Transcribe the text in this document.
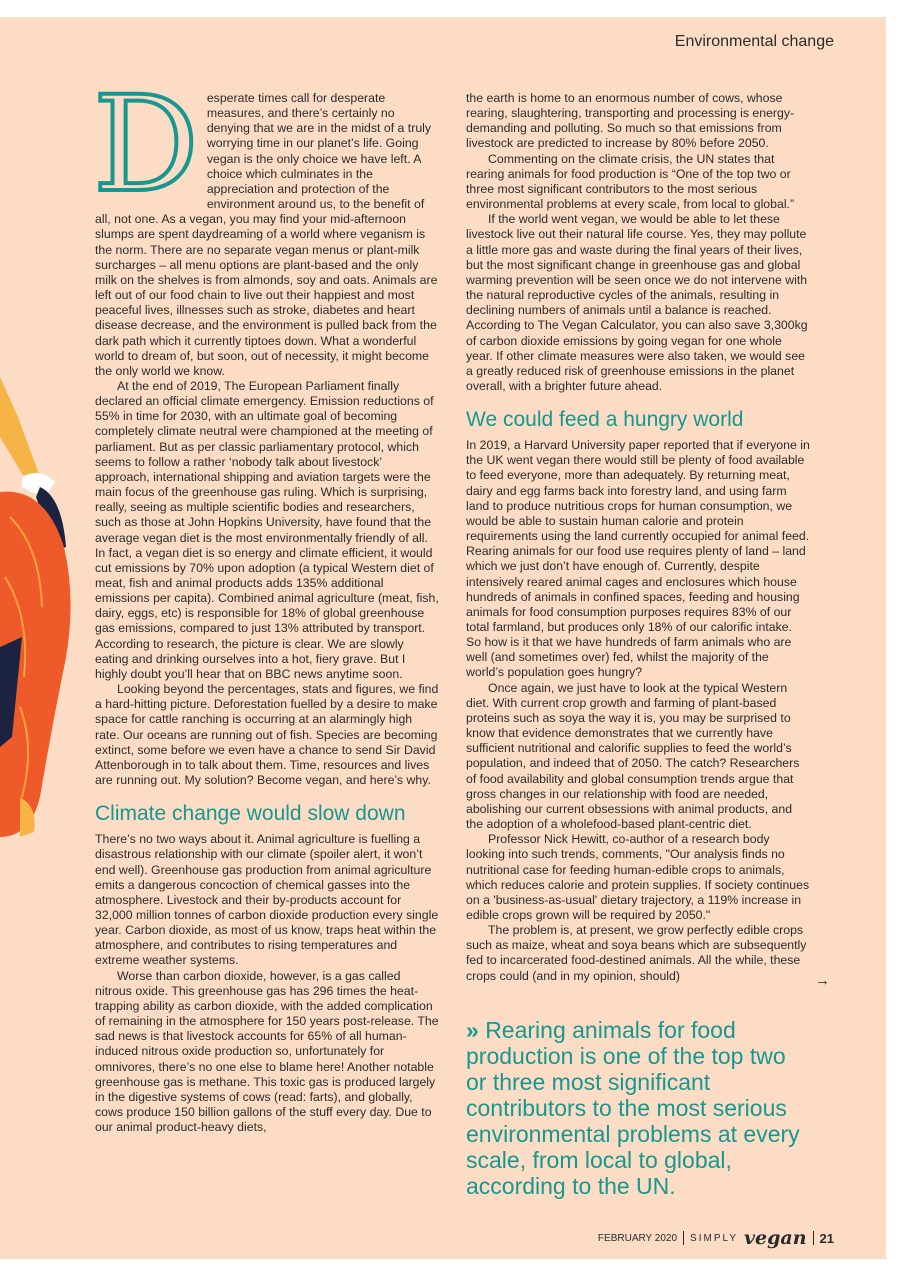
Environmental change
D esperate times call for desperate measures, and there’s certainly no denying that we are in the midst of a truly worrying time in our planet’s life. Going vegan is the only choice we have left. A choice which culminates in the appreciation and protection of the environment around us, to the benefit of all, not one. As a vegan, you may find your mid-afternoon slumps are spent daydreaming of a world where veganism is the norm. There are no separate vegan menus or plant-milk surcharges – all menu options are plant-based and the only milk on the shelves is from almonds, soy and oats. Animals are left out of our food chain to live out their happiest and most peaceful lives, illnesses such as stroke, diabetes and heart disease decrease, and the environment is pulled back from the dark path which it currently tiptoes down. What a wonderful world to dream of, but soon, out of necessity, it might become the only world we know.

At the end of 2019, The European Parliament finally declared an official climate emergency. Emission reductions of 55% in time for 2030, with an ultimate goal of becoming completely climate neutral were championed at the meeting of parliament. But as per classic parliamentary protocol, which seems to follow a rather ‘nobody talk about livestock’ approach, international shipping and aviation targets were the main focus of the greenhouse gas ruling. Which is surprising, really, seeing as multiple scientific bodies and researchers, such as those at John Hopkins University, have found that the average vegan diet is the most environmentally friendly of all. In fact, a vegan diet is so energy and climate efficient, it would cut emissions by 70% upon adoption (a typical Western diet of meat, fish and animal products adds 135% additional emissions per capita). Combined animal agriculture (meat, fish, dairy, eggs, etc) is responsible for 18% of global greenhouse gas emissions, compared to just 13% attributed by transport. According to research, the picture is clear. We are slowly eating and drinking ourselves into a hot, fiery grave. But I highly doubt you’ll hear that on BBC news anytime soon.

Looking beyond the percentages, stats and figures, we find a hard-hitting picture. Deforestation fuelled by a desire to make space for cattle ranching is occurring at an alarmingly high rate. Our oceans are running out of fish. Species are becoming extinct, some before we even have a chance to send Sir David Attenborough in to talk about them. Time, resources and lives are running out. My solution? Become vegan, and here’s why.

Climate change would slow down

There’s no two ways about it. Animal agriculture is fuelling a disastrous relationship with our climate (spoiler alert, it won’t end well). Greenhouse gas production from animal agriculture emits a dangerous concoction of chemical gasses into the atmosphere. Livestock and their by-products account for 32,000 million tonnes of carbon dioxide production every single year. Carbon dioxide, as most of us know, traps heat within the atmosphere, and contributes to rising temperatures and extreme weather systems.

Worse than carbon dioxide, however, is a gas called nitrous oxide. This greenhouse gas has 296 times the heat-trapping ability as carbon dioxide, with the added complication of remaining in the atmosphere for 150 years post-release. The sad news is that livestock accounts for 65% of all human-induced nitrous oxide production so, unfortunately for omnivores, there’s no one else to blame here! Another notable greenhouse gas is methane. This toxic gas is produced largely in the digestive systems of cows (read: farts), and globally, cows produce 150 billion gallons of the stuff every day. Due to our animal product-heavy diets,

the earth is home to an enormous number of cows, whose rearing, slaughtering, transporting and processing is energy-demanding and polluting. So much so that emissions from livestock are predicted to increase by 80% before 2050.

Commenting on the climate crisis, the UN states that rearing animals for food production is “One of the top two or three most significant contributors to the most serious environmental problems at every scale, from local to global.”

If the world went vegan, we would be able to let these livestock live out their natural life course. Yes, they may pollute a little more gas and waste during the final years of their lives, but the most significant change in greenhouse gas and global warming prevention will be seen once we do not intervene with the natural reproductive cycles of the animals, resulting in declining numbers of animals until a balance is reached. According to The Vegan Calculator, you can also save 3,300kg of carbon dioxide emissions by going vegan for one whole year. If other climate measures were also taken, we would see a greatly reduced risk of greenhouse emissions in the planet overall, with a brighter future ahead.

We could feed a hungry world

In 2019, a Harvard University paper reported that if everyone in the UK went vegan there would still be plenty of food available to feed everyone, more than adequately. By returning meat, dairy and egg farms back into forestry land, and using farm land to produce nutritious crops for human consumption, we would be able to sustain human calorie and protein requirements using the land currently occupied for animal feed. Rearing animals for our food use requires plenty of land – land which we just don’t have enough of. Currently, despite intensively reared animal cages and enclosures which house hundreds of animals in confined spaces, feeding and housing animals for food consumption purposes requires 83% of our total farmland, but produces only 18% of our calorific intake. So how is it that we have hundreds of farm animals who are well (and sometimes over) fed, whilst the majority of the world’s population goes hungry?

Once again, we just have to look at the typical Western diet. With current crop growth and farming of plant-based proteins such as soya the way it is, you may be surprised to know that evidence demonstrates that we currently have sufficient nutritional and calorific supplies to feed the world’s population, and indeed that of 2050. The catch? Researchers of food availability and global consumption trends argue that gross changes in our relationship with food are needed, abolishing our current obsessions with animal products, and the adoption of a wholefood-based plant-centric diet.

Professor Nick Hewitt, co-author of a research body looking into such trends, comments, "Our analysis finds no nutritional case for feeding human-edible crops to animals, which reduces calorie and protein supplies. If society continues on a 'business-as-usual' dietary trajectory, a 119% increase in edible crops grown will be required by 2050."

The problem is, at present, we grow perfectly edible crops such as maize, wheat and soya beans which are subsequently fed to incarcerated food-destined animals. All the while, these crops could (and in my opinion, should)	→
» Rearing animals for food production is one of the top two or three most significant contributors to the most serious environmental problems at every scale, from local to global, according to the UN.
FEBRUARY 2020 SIMPLY vegan 21
